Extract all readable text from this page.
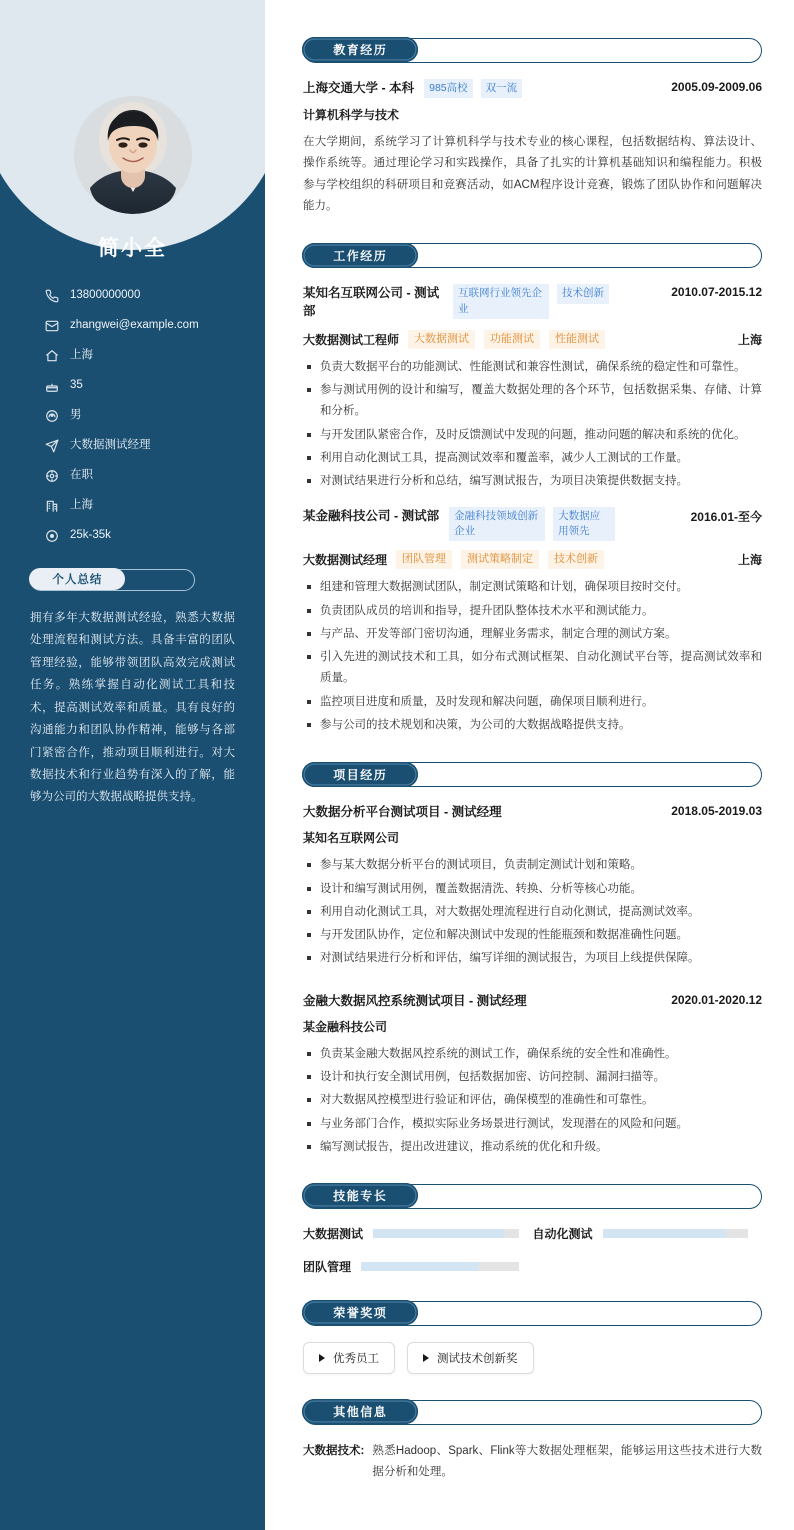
简小全
13800000000
zhangwei@example.com
上海
35
男
大数据测试经理
在职
上海
25k-35k
个人总结

拥有多年大数据测试经验，熟悉大数据处理流程和测试方法。具备丰富的团队管理经验，能够带领团队高效完成测试任务。熟练掌握自动化测试工具和技术，提高测试效率和质量。具有良好的沟通能力和团队协作精神，能够与各部门紧密合作，推动项目顺利进行。对大数据技术和行业趋势有深入的了解，能够为公司的大数据战略提供支持。

教育经历
上海交通大学 - 本科	985高校	双一流	2005.09-2009.06
计算机科学与技术

在大学期间，系统学习了计算机科学与技术专业的核心课程，包括数据结构、算法设计、操作系统等。通过理论学习和实践操作，具备了扎实的计算机基础知识和编程能力。积极参与学校组织的科研项目和竞赛活动，如ACM程序设计竞赛，锻炼了团队协作和问题解决能力。

工作经历
某知名互联网公司 - 测试部
互联网行业领先企业
技术创新	2010.07-2015.12
大数据测试工程师	大数据测试	功能测试	性能测试	上海
负责大数据平台的功能测试、性能测试和兼容性测试，确保系统的稳定性和可靠性。
参与测试用例的设计和编写，覆盖大数据处理的各个环节，包括数据采集、存储、计算和分析。
与开发团队紧密合作，及时反馈测试中发现的问题，推动问题的解决和系统的优化。
利用自动化测试工具，提高测试效率和覆盖率，减少人工测试的工作量。
对测试结果进行分析和总结，编写测试报告，为项目决策提供数据支持。
某金融科技公司 - 测试部	金融科技领域创新企业
大数据应用领先
2016.01-至今
大数据测试经理	团队管理	测试策略制定	技术创新	上海
组建和管理大数据测试团队，制定测试策略和计划，确保项目按时交付。
负责团队成员的培训和指导，提升团队整体技术水平和测试能力。
与产品、开发等部门密切沟通，理解业务需求，制定合理的测试方案。
引入先进的测试技术和工具，如分布式测试框架、自动化测试平台等，提高测试效率和质量。
监控项目进度和质量，及时发现和解决问题，确保项目顺利进行。
参与公司的技术规划和决策，为公司的大数据战略提供支持。
项目经历
大数据分析平台测试项目 - 测试经理	2018.05-2019.03
某知名互联网公司
参与某大数据分析平台的测试项目，负责制定测试计划和策略。
设计和编写测试用例，覆盖数据清洗、转换、分析等核心功能。
利用自动化测试工具，对大数据处理流程进行自动化测试，提高测试效率。
与开发团队协作，定位和解决测试中发现的性能瓶颈和数据准确性问题。
对测试结果进行分析和评估，编写详细的测试报告，为项目上线提供保障。
金融大数据风控系统测试项目 - 测试经理	2020.01-2020.12
某金融科技公司
负责某金融大数据风控系统的测试工作，确保系统的安全性和准确性。
设计和执行安全测试用例，包括数据加密、访问控制、漏洞扫描等。
对大数据风控模型进行验证和评估，确保模型的准确性和可靠性。
与业务部门合作，模拟实际业务场景进行测试，发现潜在的风险和问题。
编写测试报告，提出改进建议，推动系统的优化和升级。
技能专长
大数据测试	自动化测试
团队管理
荣誉奖项
优秀员工	测试技术创新奖
其他信息
大数据技术: 熟悉Hadoop、Spark、Flink等大数据处理框架，能够运用这些技术进行大数据分析和处理。
